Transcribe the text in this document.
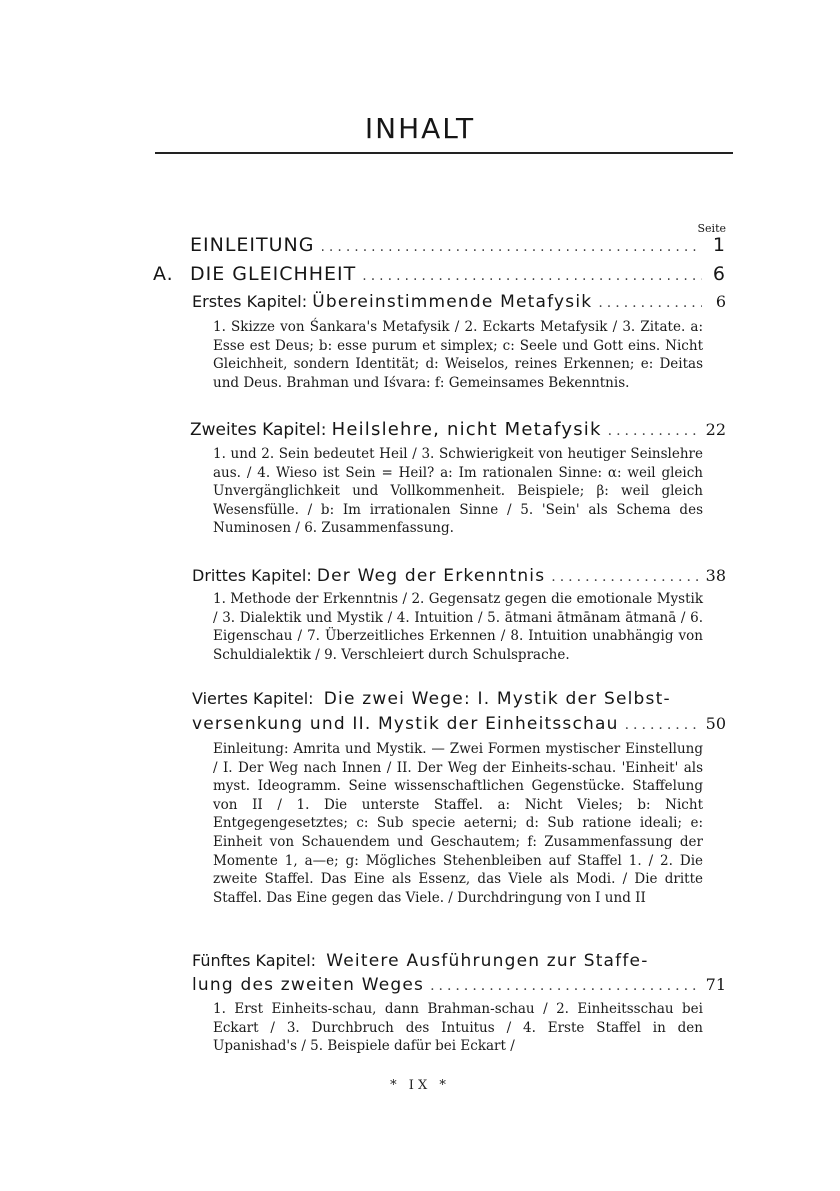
INHALT
Seite
EINLEITUNG .....	1
A. DIE GLEICHHEIT .....	6
Erstes Kapitel:
Übereinstimmende Metafysik .....	6
1. Skizze von Śankara's Metafysik / 2. Eckarts Metafysik / 3. Zitate. a: Esse est Deus; b: esse purum et simplex; c: Seele und Gott eins. Nicht Gleichheit, sondern Identität; d: Weiselos, reines Erkennen; e: Deitas und Deus. Brahman und Iśvara: f: Gemeinsames Bekenntnis.
Zweites Kapitel:
Heilslehre, nicht Metafysik .....	22
1. und 2. Sein bedeutet Heil / 3. Schwierigkeit von heutiger Seinslehre aus. / 4. Wieso ist Sein = Heil? a: Im rationalen Sinne: α: weil gleich Unvergänglichkeit und Vollkommenheit. Beispiele; β: weil gleich Wesensfülle. / b: Im irrationalen Sinne / 5. 'Sein' als Schema des Numinosen / 6. Zusammenfassung.
Drittes Kapitel:
Der Weg der Erkenntnis .....	38
1. Methode der Erkenntnis / 2. Gegensatz gegen die emotionale Mystik / 3. Dialektik und Mystik / 4. Intuition / 5. ātmani ātmānam ātmanā / 6. Eigenschau / 7. Überzeitliches Erkennen / 8. Intuition unabhängig von Schuldialektik / 9. Verschleiert durch Schulsprache.
Viertes Kapitel: Die zwei Wege: I. Mystik der Selbst-
versenkung und II. Mystik der Einheitsschau .....	50
Einleitung: Amrita und Mystik. — Zwei Formen mystischer Einstellung / I. Der Weg nach Innen / II. Der Weg der Einheits-schau. 'Einheit' als myst. Ideogramm. Seine wissenschaftlichen Gegenstücke. Staffelung von II / 1. Die unterste Staffel. a: Nicht Vieles; b: Nicht Entgegengesetztes; c: Sub specie aeterni; d: Sub ratione ideali; e: Einheit von Schauendem und Geschautem; f: Zusammenfassung der Momente 1, a—e; g: Mögliches Stehenbleiben auf Staffel 1. / 2. Die zweite Staffel. Das Eine als Essenz, das Viele als Modi. / Die dritte Staffel. Das Eine gegen das Viele. / Durchdringung von I und II
Fünftes Kapitel: Weitere Ausführungen zur Staffe-
lung des zweiten Weges .....	71
1. Erst Einheits-schau, dann Brahman-schau / 2. Einheitsschau bei Eckart / 3. Durchbruch des Intuitus / 4. Erste Staffel in den Upanishad's / 5. Beispiele dafür bei Eckart /
* IX *
